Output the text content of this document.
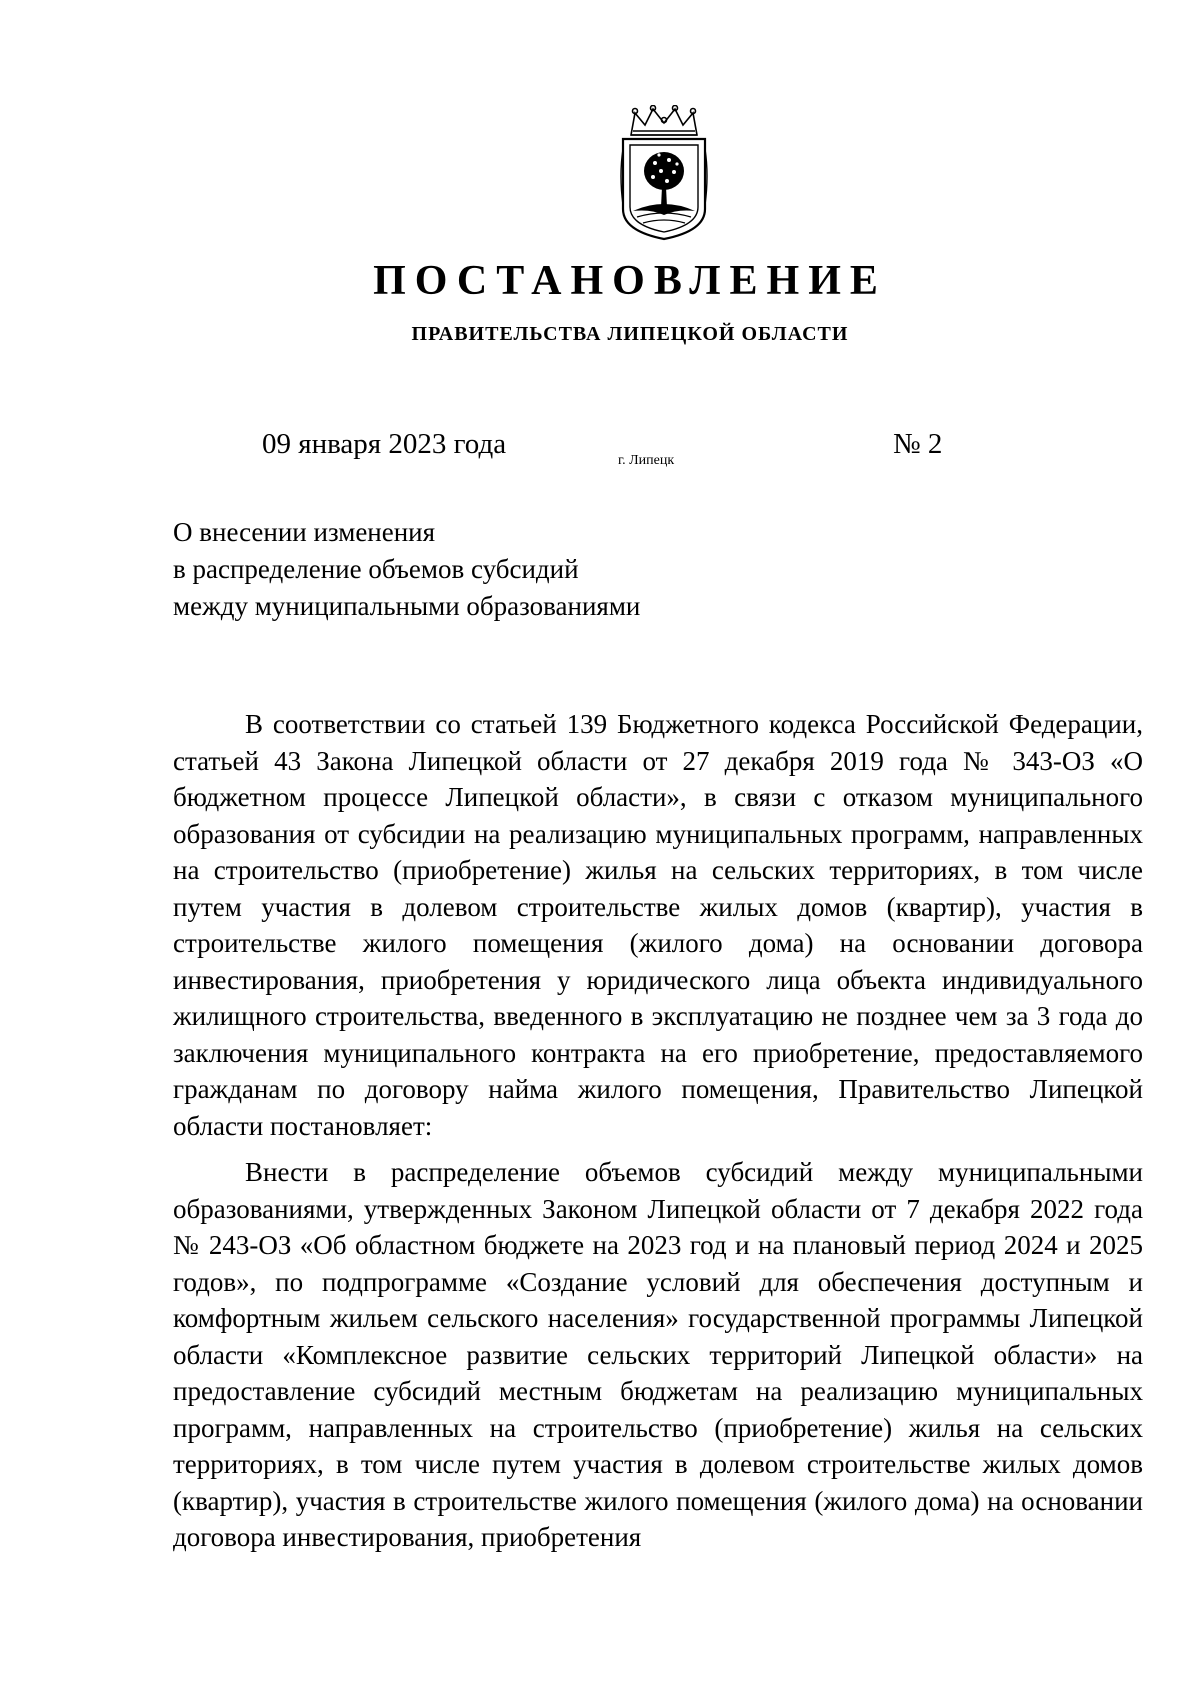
ПОСТАНОВЛЕНИЕ
ПРАВИТЕЛЬСТВА ЛИПЕЦКОЙ ОБЛАСТИ
09 января 2023 года
г. Липецк
№ 2
О внесении изменения
в распределение объемов субсидий
между муниципальными образованиями

В соответствии со статьей 139 Бюджетного кодекса Российской Федерации, статьей 43 Закона Липецкой области от 27 декабря 2019 года № 343-ОЗ «О бюджетном процессе Липецкой области», в связи с отказом муниципального образования от субсидии на реализацию муниципальных программ, направленных на строительство (приобретение) жилья на сельских территориях, в том числе путем участия в долевом строительстве жилых домов (квартир), участия в строительстве жилого помещения (жилого дома) на основании договора инвестирования, приобретения у юридического лица объекта индивидуального жилищного строительства, введенного в эксплуатацию не позднее чем за 3 года до заключения муниципального контракта на его приобретение, предоставляемого гражданам по договору найма жилого помещения, Правительство Липецкой области постановляет:

Внести в распределение объемов субсидий между муниципальными образованиями, утвержденных Законом Липецкой области от 7 декабря 2022 года № 243-ОЗ «Об областном бюджете на 2023 год и на плановый период 2024 и 2025 годов», по подпрограмме «Создание условий для обеспечения доступным и комфортным жильем сельского населения» государственной программы Липецкой области «Комплексное развитие сельских территорий Липецкой области» на предоставление субсидий местным бюджетам на реализацию муниципальных программ, направленных на строительство (приобретение) жилья на сельских территориях, в том числе путем участия в долевом строительстве жилых домов (квартир), участия в строительстве жилого помещения (жилого дома) на основании договора инвестирования, приобретения
